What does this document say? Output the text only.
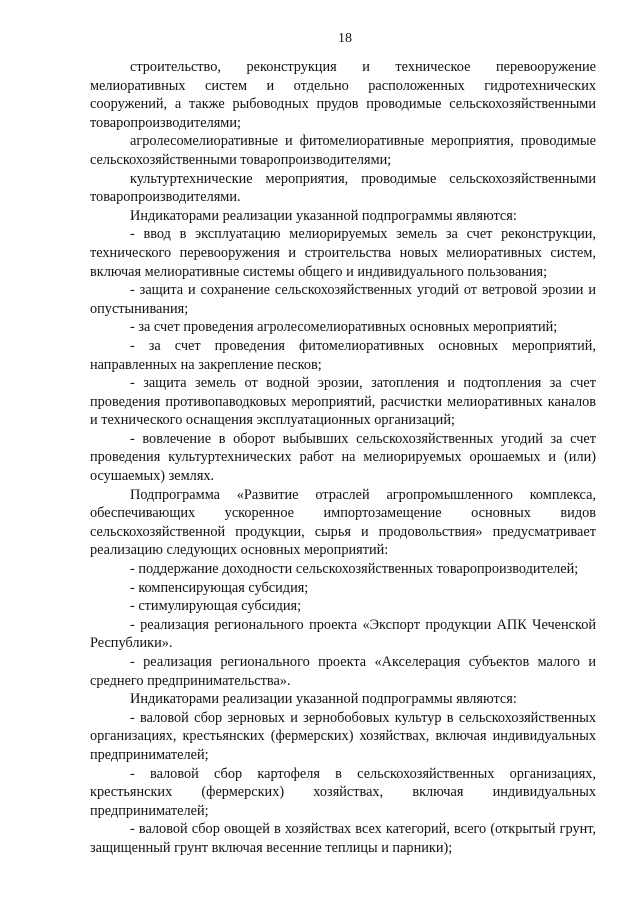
18

строительство, реконструкция и техническое перевооружение мелиоративных систем и отдельно расположенных гидротехнических сооружений, а также рыбоводных прудов проводимые сельскохозяйственными товаропроизводителями;

агролесомелиоративные и фитомелиоративные мероприятия, проводимые сельскохозяйственными товаропроизводителями;

культуртехнические мероприятия, проводимые сельскохозяйственными товаропроизводителями.

Индикаторами реализации указанной подпрограммы являются:

- ввод в эксплуатацию мелиорируемых земель за счет реконструкции, технического перевооружения и строительства новых мелиоративных систем, включая мелиоративные системы общего и индивидуального пользования;

- защита и сохранение сельскохозяйственных угодий от ветровой эрозии и опустынивания;

- за счет проведения агролесомелиоративных основных мероприятий;

- за счет проведения фитомелиоративных основных мероприятий, направленных на закрепление песков;

- защита земель от водной эрозии, затопления и подтопления за счет проведения противопаводковых мероприятий, расчистки мелиоративных каналов и технического оснащения эксплуатационных организаций;

- вовлечение в оборот выбывших сельскохозяйственных угодий за счет проведения культуртехнических работ на мелиорируемых орошаемых и (или) осушаемых) землях.

Подпрограмма «Развитие отраслей агропромышленного комплекса, обеспечивающих ускоренное импортозамещение основных видов сельскохозяйственной продукции, сырья и продовольствия» предусматривает реализацию следующих основных мероприятий:

- поддержание доходности сельскохозяйственных товаропроизводителей;

- компенсирующая субсидия;

- стимулирующая субсидия;

- реализация регионального проекта «Экспорт продукции АПК Чеченской Республики».

- реализация регионального проекта «Акселерация субъектов малого и среднего предпринимательства».

Индикаторами реализации указанной подпрограммы являются:

- валовой сбор зерновых и зернобобовых культур в сельскохозяйственных организациях, крестьянских (фермерских) хозяйствах, включая индивидуальных предпринимателей;

- валовой сбор картофеля в сельскохозяйственных организациях, крестьянских (фермерских) хозяйствах, включая индивидуальных предпринимателей;

- валовой сбор овощей в хозяйствах всех категорий, всего (открытый грунт, защищенный грунт включая весенние теплицы и парники);
